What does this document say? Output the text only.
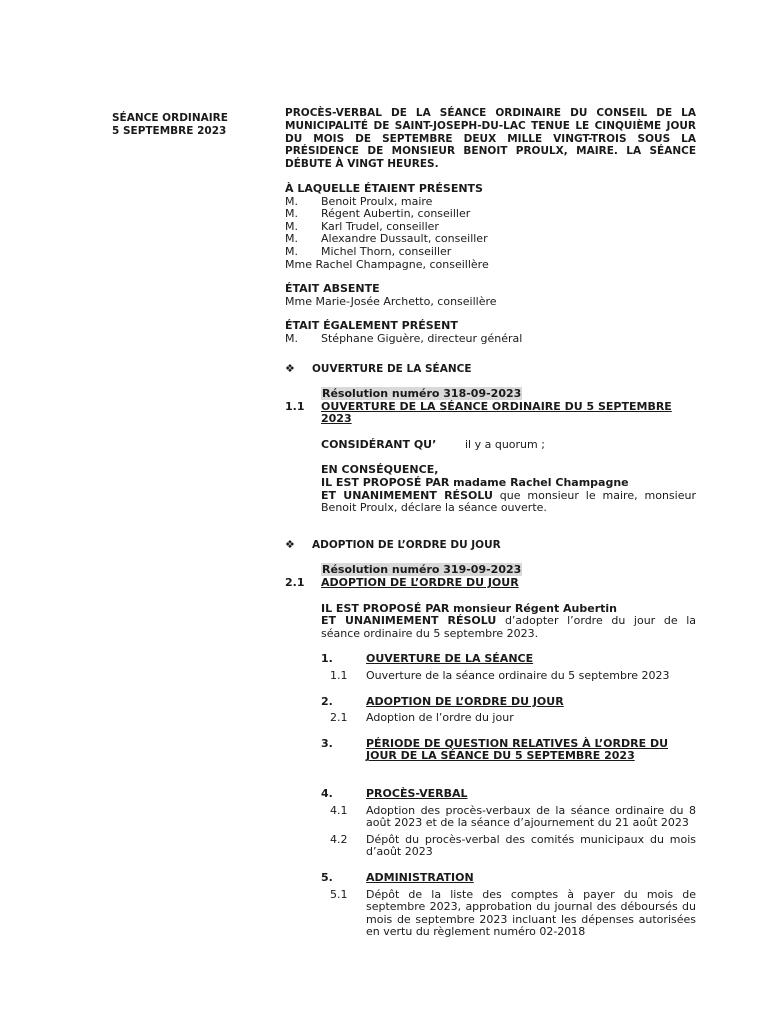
SÉANCE ORDINAIRE
5 SEPTEMBRE 2023
PROCÈS-VERBAL DE LA SÉANCE ORDINAIRE DU CONSEIL DE LA MUNICIPALITÉ DE SAINT-JOSEPH-DU-LAC TENUE LE CINQUIÈME JOUR DU MOIS DE SEPTEMBRE DEUX MILLE VINGT-TROIS SOUS LA PRÉSIDENCE DE MONSIEUR BENOIT PROULX, MAIRE. LA SÉANCE DÉBUTE À VINGT HEURES.
À LAQUELLE ÉTAIENT PRÉSENTS
M.	Benoit Proulx, maire
M.	Régent Aubertin, conseiller
M.	Karl Trudel, conseiller
M.	Alexandre Dussault, conseiller
M.	Michel Thorn, conseiller
Mme Rachel Champagne, conseillère
ÉTAIT ABSENTE
Mme Marie-Josée Archetto, conseillère
ÉTAIT ÉGALEMENT PRÉSENT
M.	Stéphane Giguère, directeur général
❖	OUVERTURE DE LA SÉANCE
Résolution numéro 318-09-2023
1.1	OUVERTURE DE LA SÉANCE ORDINAIRE DU 5 SEPTEMBRE 2023
CONSIDÉRANT QU’	il y a quorum ;
EN CONSÉQUENCE,
IL EST PROPOSÉ PAR madame Rachel Champagne
ET UNANIMEMENT RÉSOLU que monsieur le maire, monsieur Benoit Proulx, déclare la séance ouverte.
❖	ADOPTION DE L’ORDRE DU JOUR
Résolution numéro 319-09-2023
2.1	ADOPTION DE L’ORDRE DU JOUR
IL EST PROPOSÉ PAR monsieur Régent Aubertin
ET UNANIMEMENT RÉSOLU d’adopter l’ordre du jour de la séance ordinaire du 5 septembre 2023.
1.	OUVERTURE DE LA SÉANCE
1.1	Ouverture de la séance ordinaire du 5 septembre 2023
2.	ADOPTION DE L’ORDRE DU JOUR
2.1	Adoption de l’ordre du jour
3.	PÉRIODE DE QUESTION RELATIVES À L’ORDRE DU JOUR DE LA SÉANCE DU 5 SEPTEMBRE 2023
4.	PROCÈS-VERBAL
4.1	Adoption des procès-verbaux de la séance ordinaire du 8 août 2023 et de la séance d’ajournement du 21 août 2023
4.2	Dépôt du procès-verbal des comités municipaux du mois d’août 2023
5.	ADMINISTRATION
5.1	Dépôt de la liste des comptes à payer du mois de septembre 2023, approbation du journal des déboursés du mois de septembre 2023 incluant les dépenses autorisées en vertu du règlement numéro 02-2018
